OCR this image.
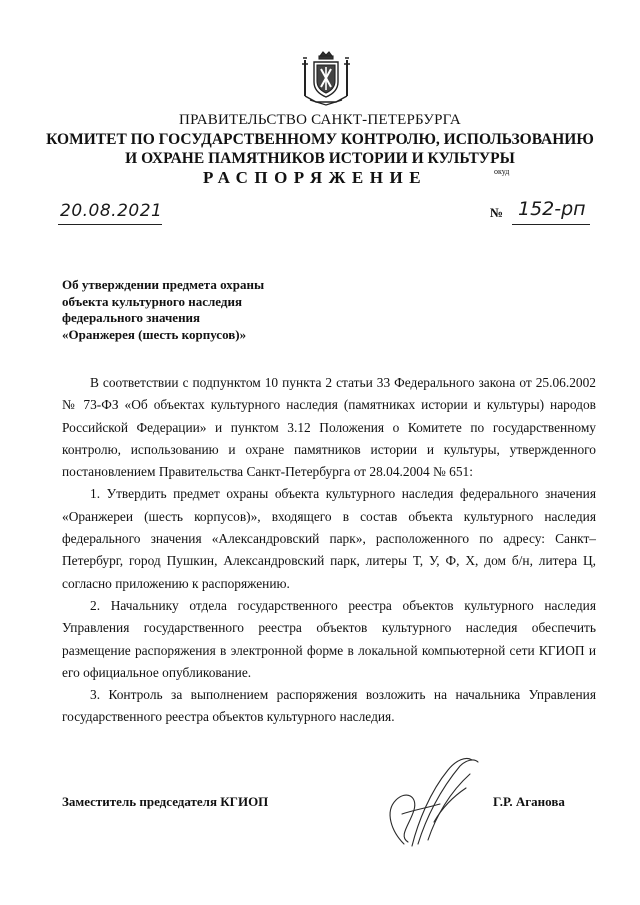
ПРАВИТЕЛЬСТВО САНКТ-ПЕТЕРБУРГА
КОМИТЕТ ПО ГОСУДАРСТВЕННОМУ КОНТРОЛЮ, ИСПОЛЬЗОВАНИЮ
И ОХРАНЕ ПАМЯТНИКОВ ИСТОРИИ И КУЛЬТУРЫ
РАСПОРЯЖЕНИЕ	окуд
20.08.2021	№ 152-рп
Об утверждении предмета охраны
объекта культурного наследия
федерального значения
«Оранжерея (шесть корпусов)»

В соответствии с подпунктом 10 пункта 2 статьи 33 Федерального закона от 25.06.2002 № 73-ФЗ «Об объектах культурного наследия (памятниках истории и культуры) народов Российской Федерации» и пунктом 3.12 Положения о Комитете по государственному контролю, использованию и охране памятников истории и культуры, утвержденного постановлением Правительства Санкт-Петербурга от 28.04.2004 № 651:

1. Утвердить предмет охраны объекта культурного наследия федерального значения «Оранжереи (шесть корпусов)», входящего в состав объекта культурного наследия федерального значения «Александровский парк», расположенного по адресу: Санкт–Петербург, город Пушкин, Александровский парк, литеры Т, У, Ф, Х, дом б/н, литера Ц, согласно приложению к распоряжению.

2. Начальнику отдела государственного реестра объектов культурного наследия Управления государственного реестра объектов культурного наследия обеспечить размещение распоряжения в электронной форме в локальной компьютерной сети КГИОП и его официальное опубликование.

3. Контроль за выполнением распоряжения возложить на начальника Управления государственного реестра объектов культурного наследия.

Заместитель председателя КГИОП	Г.Р. Аганова
